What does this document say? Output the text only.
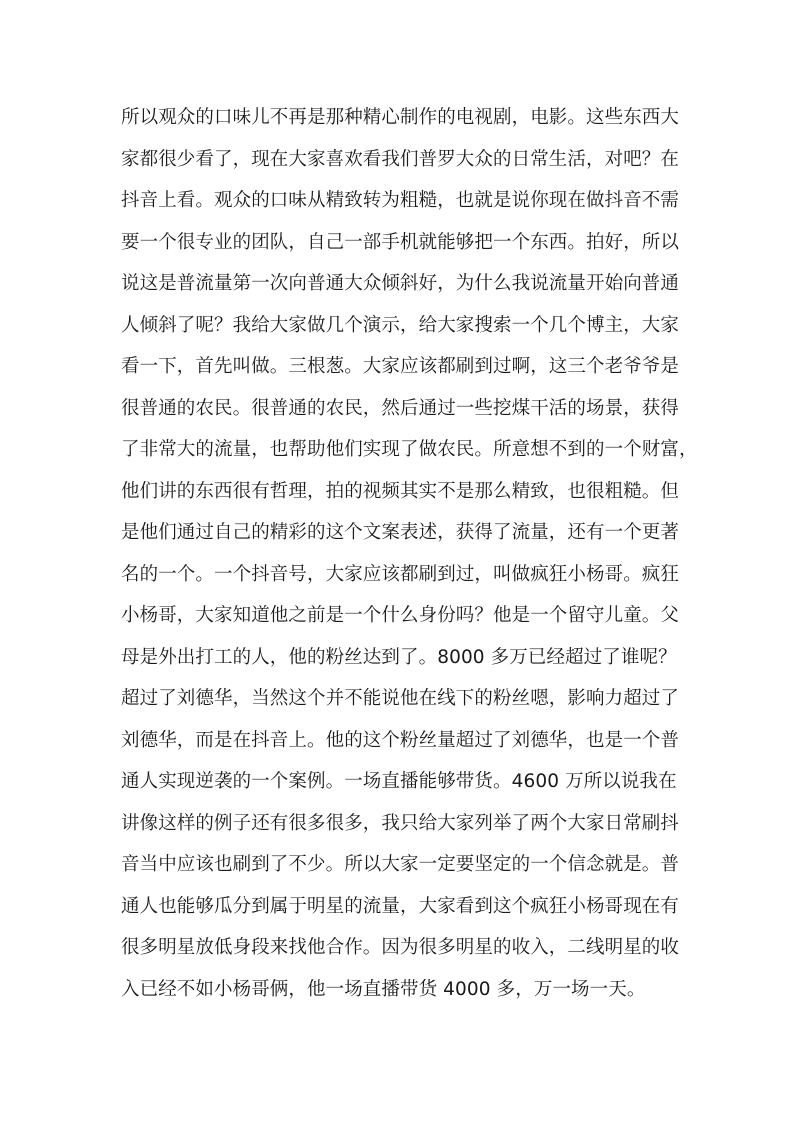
所以观众的口味儿不再是那种精心制作的电视剧，电影。这些东西大
家都很少看了，现在大家喜欢看我们普罗大众的日常生活，对吧？在
抖音上看。观众的口味从精致转为粗糙，也就是说你现在做抖音不需
要一个很专业的团队，自己一部手机就能够把一个东西。拍好，所以
说这是普流量第一次向普通大众倾斜好，为什么我说流量开始向普通
人倾斜了呢？我给大家做几个演示，给大家搜索一个几个博主，大家
看一下，首先叫做。三根葱。大家应该都刷到过啊，这三个老爷爷是
很普通的农民。很普通的农民，然后通过一些挖煤干活的场景，获得
了非常大的流量，也帮助他们实现了做农民。所意想不到的一个财富，
他们讲的东西很有哲理，拍的视频其实不是那么精致，也很粗糙。但
是他们通过自己的精彩的这个文案表述，获得了流量，还有一个更著
名的一个。一个抖音号，大家应该都刷到过，叫做疯狂小杨哥。疯狂
小杨哥，大家知道他之前是一个什么身份吗？他是一个留守儿童。父
母是外出打工的人，他的粉丝达到了。8000 多万已经超过了谁呢？
超过了刘德华，当然这个并不能说他在线下的粉丝嗯，影响力超过了
刘德华，而是在抖音上。他的这个粉丝量超过了刘德华，也是一个普
通人实现逆袭的一个案例。一场直播能够带货。4600 万所以说我在
讲像这样的例子还有很多很多，我只给大家列举了两个大家日常刷抖
音当中应该也刷到了不少。所以大家一定要坚定的一个信念就是。普
通人也能够瓜分到属于明星的流量，大家看到这个疯狂小杨哥现在有
很多明星放低身段来找他合作。因为很多明星的收入，二线明星的收
入已经不如小杨哥俩，他一场直播带货 4000 多，万一场一天。
